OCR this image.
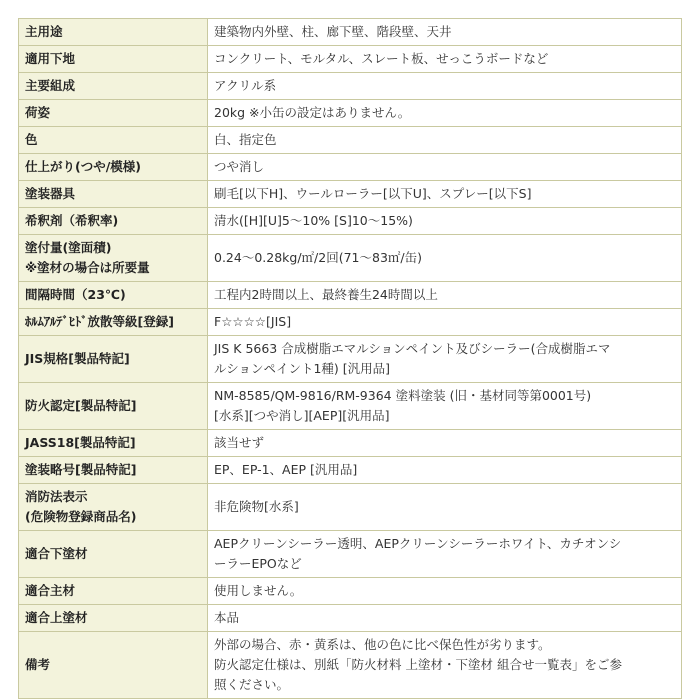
主用途	建築物内外壁、柱、廊下壁、階段壁、天井

適用下地	コンクリート、モルタル、スレート板、せっこうボードなど

主要組成	アクリル系

荷姿	20kg ※小缶の設定はありません。

色	白、指定色

仕上がり(つや/模様)	つや消し

塗装器具	刷毛[以下H]、ウールローラー[以下U]、スプレー[以下S]

希釈剤（希釈率)	清水([H][U]5～10% [S]10～15%)

塗付量(塗面積)
※塗材の場合は所要量	0.24～0.28kg/㎡/2回(71～83㎡/缶)

間隔時間（23℃)	工程内2時間以上、最終養生24時間以上

ﾎﾙﾑｱﾙﾃﾞﾋﾄﾞ放散等級[登録]	F☆☆☆☆[JIS]

JIS規格[製品特記]	JIS K 5663 合成樹脂エマルションペイント及びシーラー(合成樹脂エマ
ルションペイント1種) [汎用品]

防火認定[製品特記]	NM-8585/QM-9816/RM-9364 塗料塗装 (旧・基材同等第0001号)
[水系][つや消し][AEP][汎用品]

JASS18[製品特記]	該当せず

塗装略号[製品特記]	EP、EP-1、AEP [汎用品]

消防法表示
(危険物登録商品名)	非危険物[水系]

適合下塗材	AEPクリーンシーラー透明、AEPクリーンシーラーホワイト、カチオンシ
ーラーEPOなど

適合主材	使用しません。

適合上塗材	本品

備考	外部の場合、赤・黄系は、他の色に比べ保色性が劣ります。
防火認定仕様は、別紙「防火材料 上塗材・下塗材 組合せ一覧表」をご参
照ください。
